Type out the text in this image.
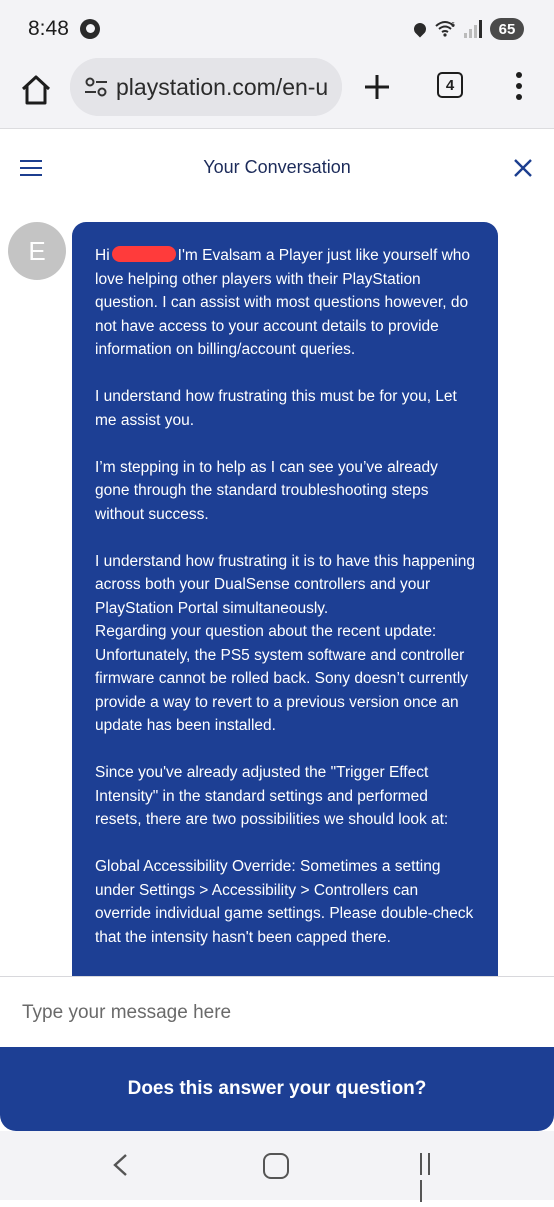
8:48	6	65
playstation.com/en-u	4
Your Conversation
E	Hi	I'm Evalsam a Player just like yourself who love helping other players with their PlayStation question. I can assist with most questions however, do not have access to your account details to provide information on billing/account queries.

I understand how frustrating this must be for you, Let me assist you.

I’m stepping in to help as I can see you’ve already gone through the standard troubleshooting steps without success.

I understand how frustrating it is to have this happening across both your DualSense controllers and your PlayStation Portal simultaneously.
Regarding your question about the recent update: Unfortunately, the PS5 system software and controller firmware cannot be rolled back. Sony doesn’t currently provide a way to revert to a previous version once an update has been installed.

Since you've already adjusted the "Trigger Effect Intensity" in the standard settings and performed resets, there are two possibilities we should look at:

Global Accessibility Override: Sometimes a setting under Settings > Accessibility > Controllers can override individual game settings. Please double-check that the intensity hasn't been capped there.

Type your message here
Does this answer your question?
